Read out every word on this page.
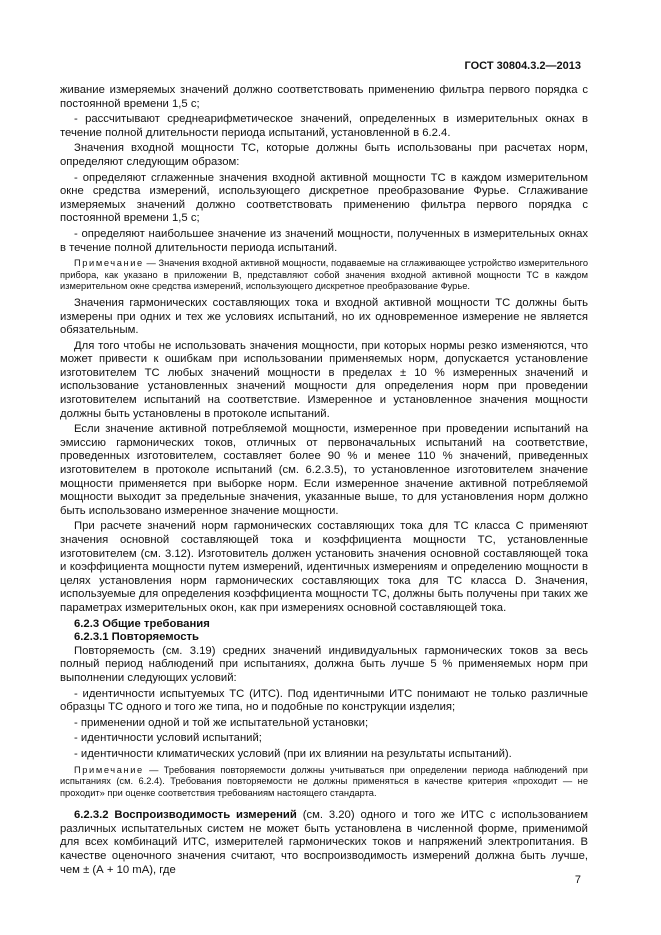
ГОСТ 30804.3.2—2013

живание измеряемых значений должно соответствовать применению фильтра первого порядка с постоянной времени 1,5 с;

- рассчитывают среднеарифметическое значений, определенных в измерительных окнах в течение полной длительности периода испытаний, установленной в 6.2.4.

Значения входной мощности ТС, которые должны быть использованы при расчетах норм, определяют следующим образом:

- определяют сглаженные значения входной активной мощности ТС в каждом измерительном окне средства измерений, использующего дискретное преобразование Фурье. Сглаживание измеряемых значений должно соответствовать применению фильтра первого порядка с постоянной времени 1,5 с;

- определяют наибольшее значение из значений мощности, полученных в измерительных окнах в течение полной длительности периода испытаний.

Примечание — Значения входной активной мощности, подаваемые на сглаживающее устройство измерительного прибора, как указано в приложении В, представляют собой значения входной активной мощности ТС в каждом измерительном окне средства измерений, использующего дискретное преобразование Фурье.

Значения гармонических составляющих тока и входной активной мощности ТС должны быть измерены при одних и тех же условиях испытаний, но их одновременное измерение не является обязательным.

Для того чтобы не использовать значения мощности, при которых нормы резко изменяются, что может привести к ошибкам при использовании применяемых норм, допускается установление изготовителем ТС любых значений мощности в пределах ± 10 % измеренных значений и использование установленных значений мощности для определения норм при проведении изготовителем испытаний на соответствие. Измеренное и установленное значения мощности должны быть установлены в протоколе испытаний.

Если значение активной потребляемой мощности, измеренное при проведении испытаний на эмиссию гармонических токов, отличных от первоначальных испытаний на соответствие, проведенных изготовителем, составляет более 90 % и менее 110 % значений, приведенных изготовителем в протоколе испытаний (см. 6.2.3.5), то установленное изготовителем значение мощности применяется при выборке норм. Если измеренное значение активной потребляемой мощности выходит за предельные значения, указанные выше, то для установления норм должно быть использовано измеренное значение мощности.

При расчете значений норм гармонических составляющих тока для ТС класса С применяют значения основной составляющей тока и коэффициента мощности ТС, установленные изготовителем (см. 3.12). Изготовитель должен установить значения основной составляющей тока и коэффициента мощности путем измерений, идентичных измерениям и определению мощности в целях установления норм гармонических составляющих тока для ТС класса D. Значения, используемые для определения коэффициента мощности ТС, должны быть получены при таких же параметрах измерительных окон, как при измерениях основной составляющей тока.

6.2.3 Общие требования

6.2.3.1 Повторяемость

Повторяемость (см. 3.19) средних значений индивидуальных гармонических токов за весь полный период наблюдений при испытаниях, должна быть лучше 5 % применяемых норм при выполнении следующих условий:

- идентичности испытуемых ТС (ИТС). Под идентичными ИТС понимают не только различные образцы ТС одного и того же типа, но и подобные по конструкции изделия;

- применении одной и той же испытательной установки;

- идентичности условий испытаний;

- идентичности климатических условий (при их влиянии на результаты испытаний).

Примечание — Требования повторяемости должны учитываться при определении периода наблюдений при испытаниях (см. 6.2.4). Требования повторяемости не должны применяться в качестве критерия «проходит — не проходит» при оценке соответствия требованиям настоящего стандарта.

6.2.3.2 Воспроизводимость измерений (см. 3.20) одного и того же ИТС с использованием различных испытательных систем не может быть установлена в численной форме, применимой для всех комбинаций ИТС, измерителей гармонических токов и напряжений электропитания. В качестве оценочного значения считают, что воспроизводимость измерений должна быть лучше, чем ± (А + 10 mA), где

7
